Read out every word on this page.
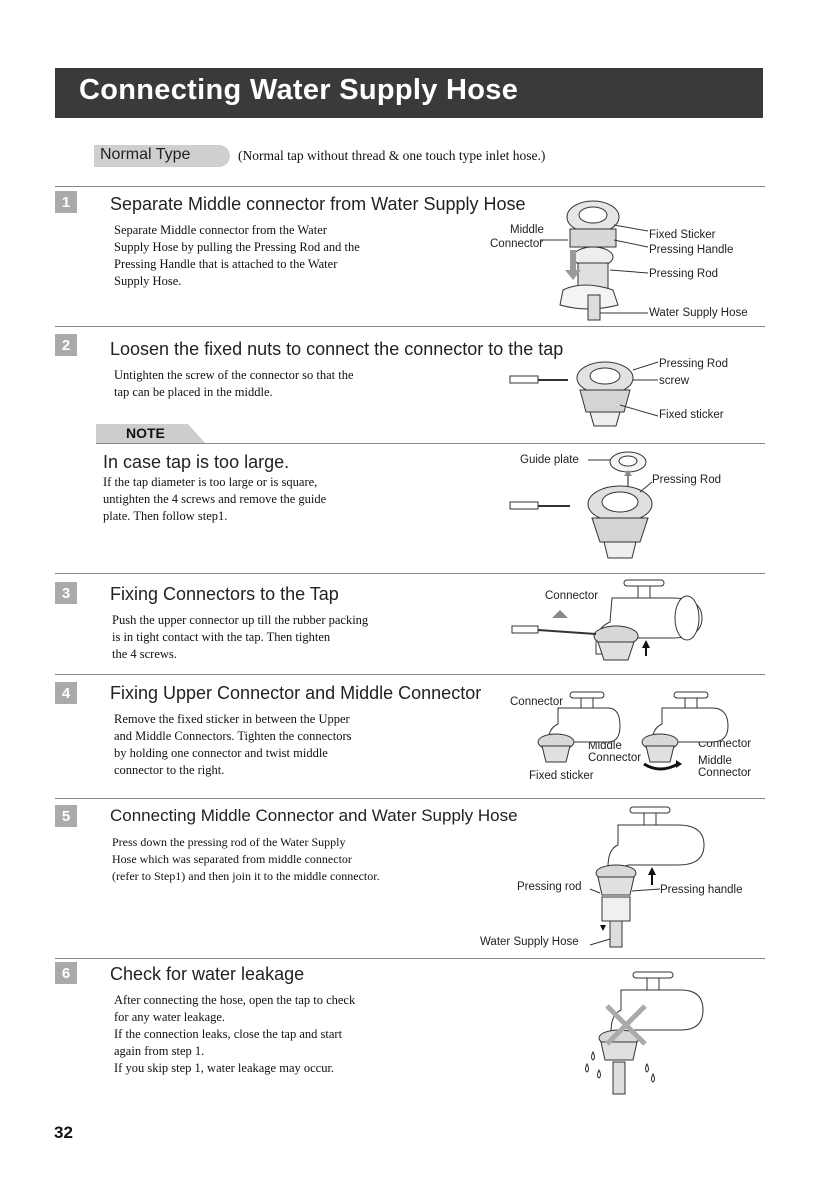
Connecting Water Supply Hose
Normal Type	(Normal tap without thread & one touch type inlet hose.)
1	Separate Middle connector from Water Supply Hose
Separate Middle connector from the Water
Supply Hose by pulling the Pressing Rod and the
Pressing Handle that is attached to the Water
Supply Hose.
Middle
Connector
Fixed Sticker
Pressing Handle
Pressing Rod
Water Supply Hose
2	Loosen the fixed nuts to connect the connector to the tap
Untighten the screw of the connector so that the
tap can be placed in the middle.
Pressing Rod
screw
Fixed sticker
NOTE
In case tap is too large.
If the tap diameter is too large or is square,
untighten the 4 screws and remove the guide
plate. Then follow step1.
Guide plate
Pressing Rod
3	Fixing Connectors to the Tap
Push the upper connector up till the rubber packing
is in tight contact with the tap. Then tighten
the 4 screws.
Connector
4	Fixing Upper Connector and Middle Connector
Remove the fixed sticker in between the Upper
and Middle Connectors. Tighten the connectors
by holding one connector and twist middle
connector to the right.
Connector
Middle
Connector
Fixed sticker
Connector
Middle
Connector
5	Connecting Middle Connector and Water Supply Hose
Press down the pressing rod of the Water Supply
Hose which was separated from middle connector
(refer to Step1) and then join it to the middle connector.
Pressing rod	Pressing handle
Water Supply Hose
6	Check for water leakage
After connecting the hose, open the tap to check
for any water leakage.
If the connection leaks, close the tap and start
again from step 1.
If you skip step 1, water leakage may occur.
32
